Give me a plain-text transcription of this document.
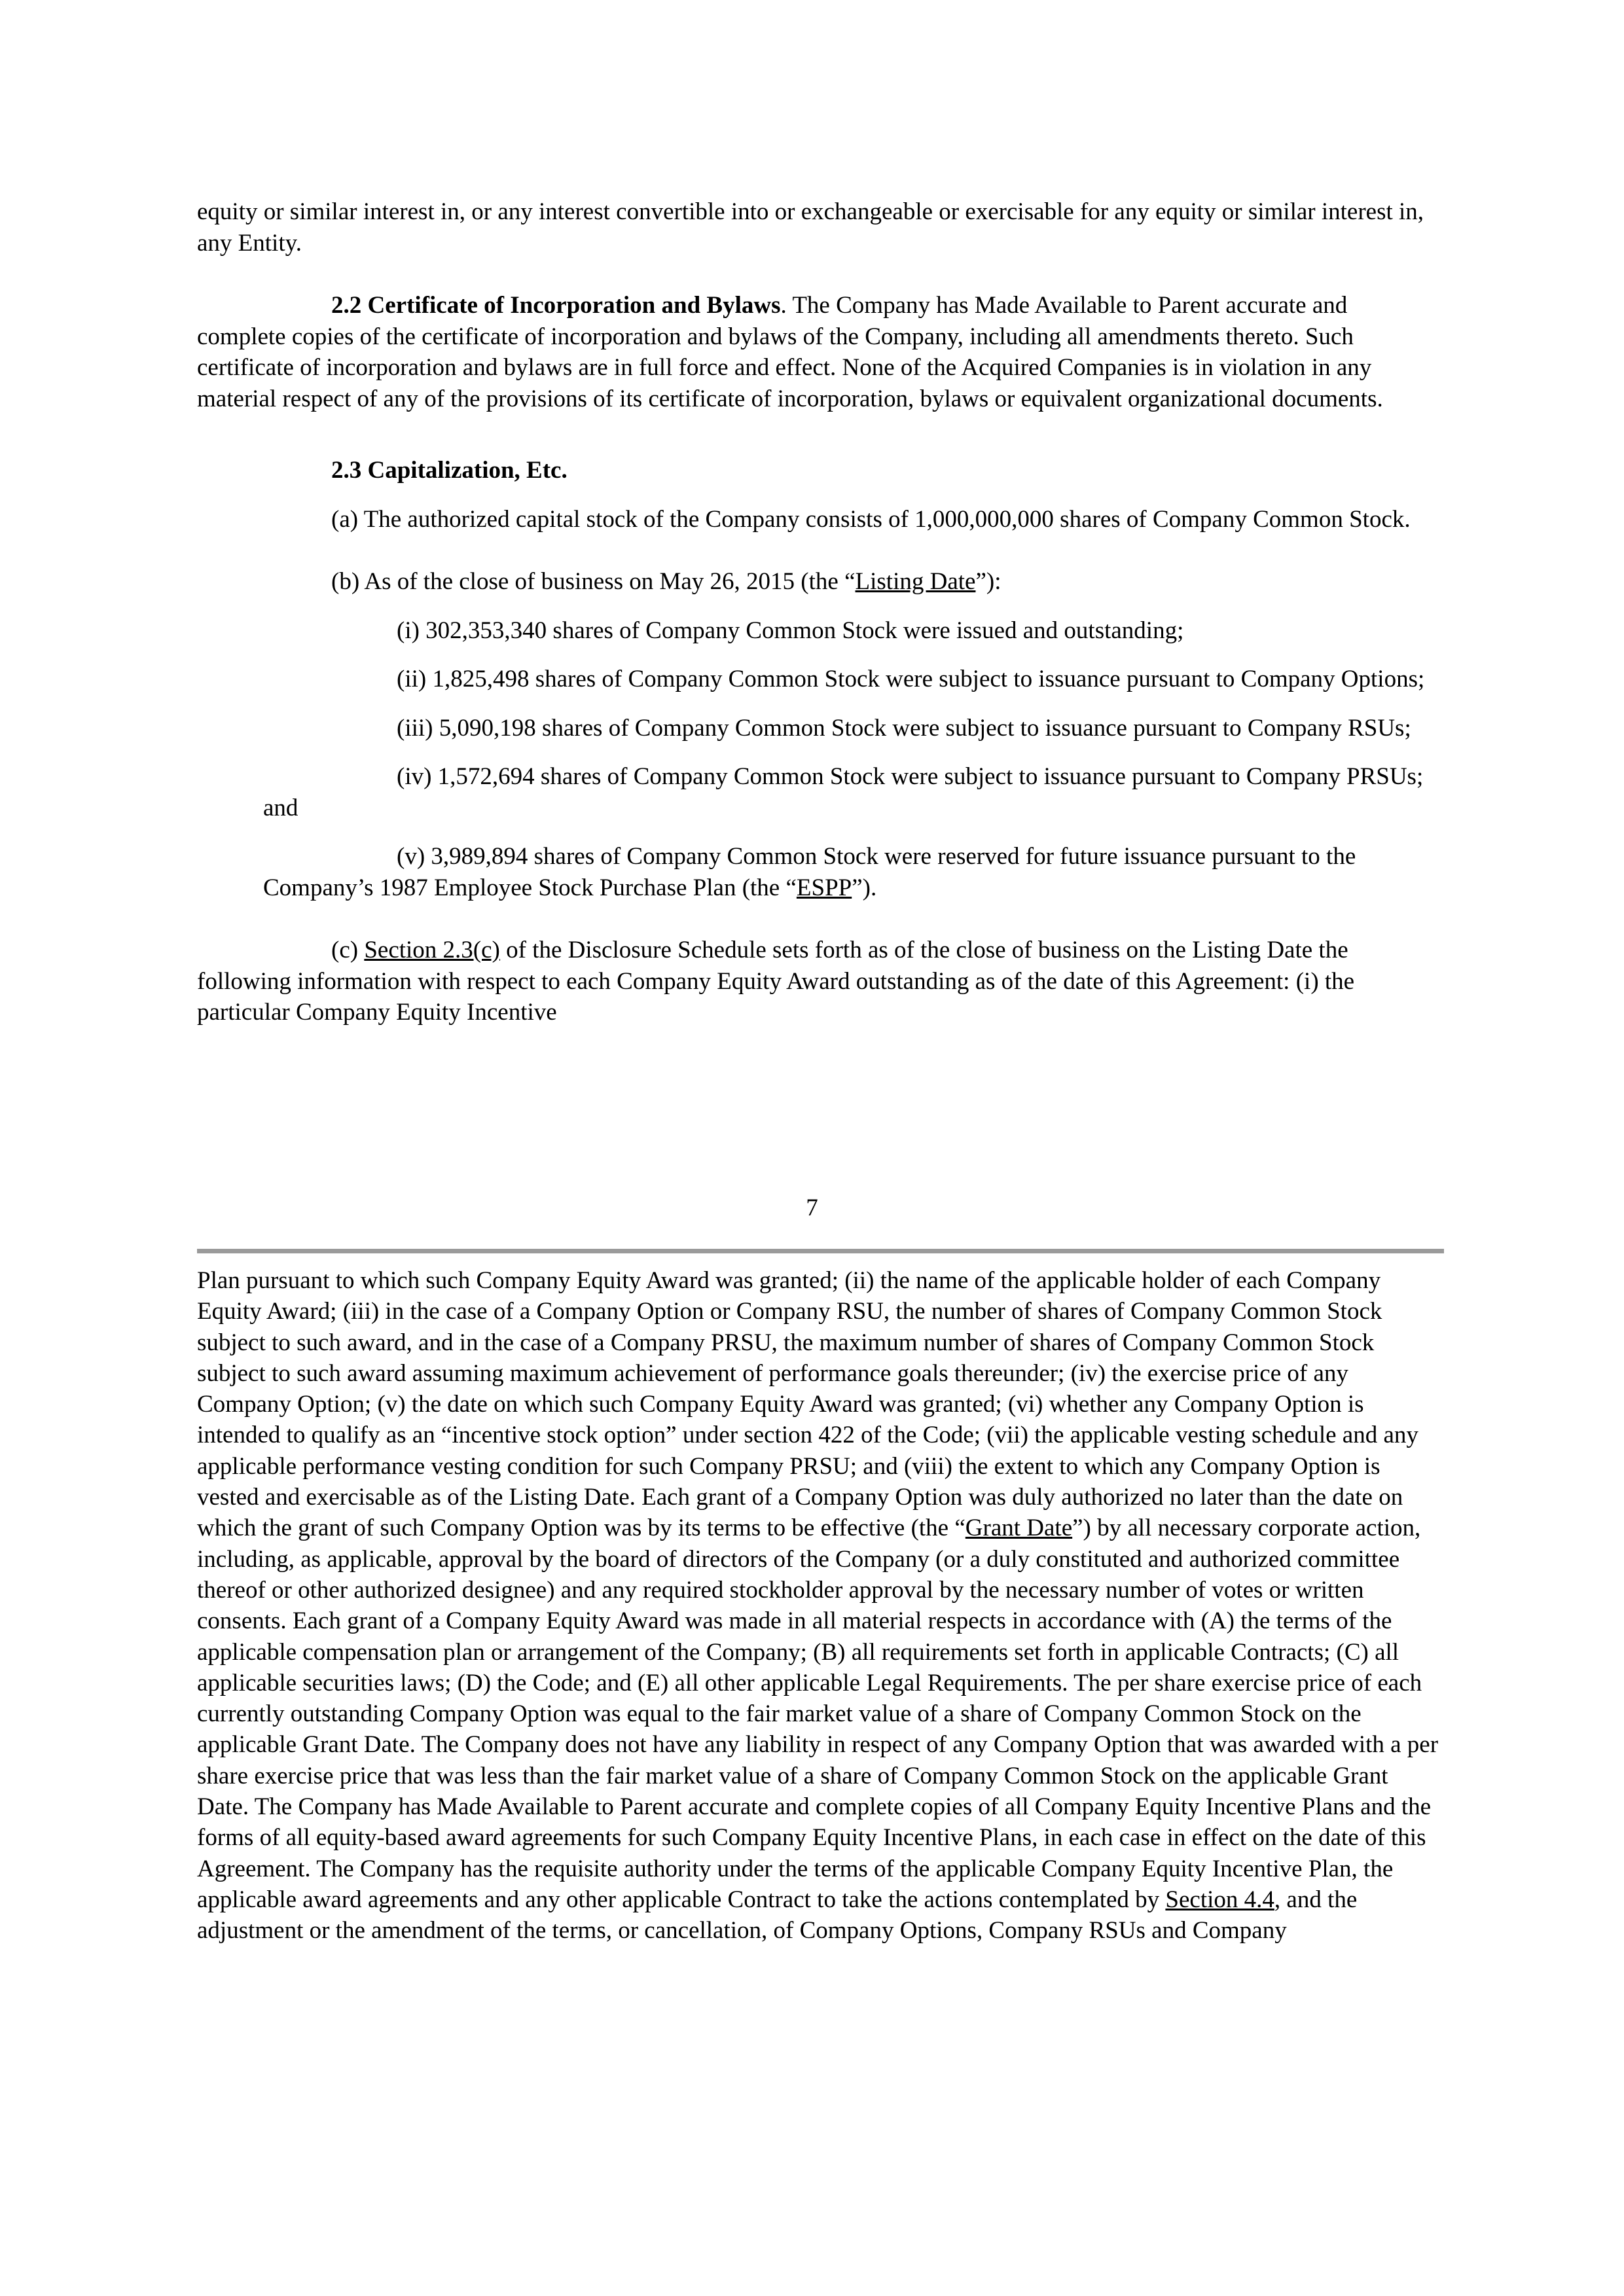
equity or similar interest in, or any interest convertible into or exchangeable or exercisable for any equity or similar interest in, any Entity.

2.2 Certificate of Incorporation and Bylaws. The Company has Made Available to Parent accurate and complete copies of the certificate of incorporation and bylaws of the Company, including all amendments thereto. Such certificate of incorporation and bylaws are in full force and effect. None of the Acquired Companies is in violation in any material respect of any of the provisions of its certificate of incorporation, bylaws or equivalent organizational documents.

2.3 Capitalization, Etc.

(a) The authorized capital stock of the Company consists of 1,000,000,000 shares of Company Common Stock.

(b) As of the close of business on May 26, 2015 (the “Listing Date”):

(i) 302,353,340 shares of Company Common Stock were issued and outstanding;

(ii) 1,825,498 shares of Company Common Stock were subject to issuance pursuant to Company Options;

(iii) 5,090,198 shares of Company Common Stock were subject to issuance pursuant to Company RSUs;

(iv) 1,572,694 shares of Company Common Stock were subject to issuance pursuant to Company PRSUs; and

(v) 3,989,894 shares of Company Common Stock were reserved for future issuance pursuant to the Company’s 1987 Employee Stock Purchase Plan (the “ESPP”).

(c) Section 2.3(c) of the Disclosure Schedule sets forth as of the close of business on the Listing Date the following information with respect to each Company Equity Award outstanding as of the date of this Agreement: (i) the particular Company Equity Incentive

7

Plan pursuant to which such Company Equity Award was granted; (ii) the name of the applicable holder of each Company Equity Award; (iii) in the case of a Company Option or Company RSU, the number of shares of Company Common Stock subject to such award, and in the case of a Company PRSU, the maximum number of shares of Company Common Stock subject to such award assuming maximum achievement of performance goals thereunder; (iv) the exercise price of any Company Option; (v) the date on which such Company Equity Award was granted; (vi) whether any Company Option is intended to qualify as an “incentive stock option” under section 422 of the Code; (vii) the applicable vesting schedule and any applicable performance vesting condition for such Company PRSU; and (viii) the extent to which any Company Option is vested and exercisable as of the Listing Date. Each grant of a Company Option was duly authorized no later than the date on which the grant of such Company Option was by its terms to be effective (the “Grant Date”) by all necessary corporate action, including, as applicable, approval by the board of directors of the Company (or a duly constituted and authorized committee thereof or other authorized designee) and any required stockholder approval by the necessary number of votes or written consents. Each grant of a Company Equity Award was made in all material respects in accordance with (A) the terms of the applicable compensation plan or arrangement of the Company; (B) all requirements set forth in applicable Contracts; (C) all applicable securities laws; (D) the Code; and (E) all other applicable Legal Requirements. The per share exercise price of each currently outstanding Company Option was equal to the fair market value of a share of Company Common Stock on the applicable Grant Date. The Company does not have any liability in respect of any Company Option that was awarded with a per share exercise price that was less than the fair market value of a share of Company Common Stock on the applicable Grant Date. The Company has Made Available to Parent accurate and complete copies of all Company Equity Incentive Plans and the forms of all equity-based award agreements for such Company Equity Incentive Plans, in each case in effect on the date of this Agreement. The Company has the requisite authority under the terms of the applicable Company Equity Incentive Plan, the applicable award agreements and any other applicable Contract to take the actions contemplated by Section 4.4, and the adjustment or the amendment of the terms, or cancellation, of Company Options, Company RSUs and Company
